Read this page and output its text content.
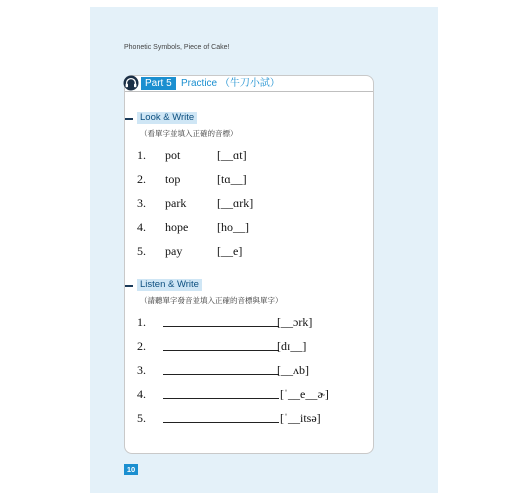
Phonetic Symbols, Piece of Cake!
Part 5 Practice （牛刀小試）
Look & Write
（看單字並填入正確的音標）
1. pot	[__ɑt]
2. top	[tɑ__]
3. park	[__ɑrk]
4. hope [ho__]
5. pay	[__e]
Listen & Write
（請聽單字發音並填入正確的音標與單字）
1.	[__ɔrk]
2.	[dɪ__]
3.	[__ʌb]
4.	[ˈ__e__ɚ]
5.	[ˈ__itsə]
10
